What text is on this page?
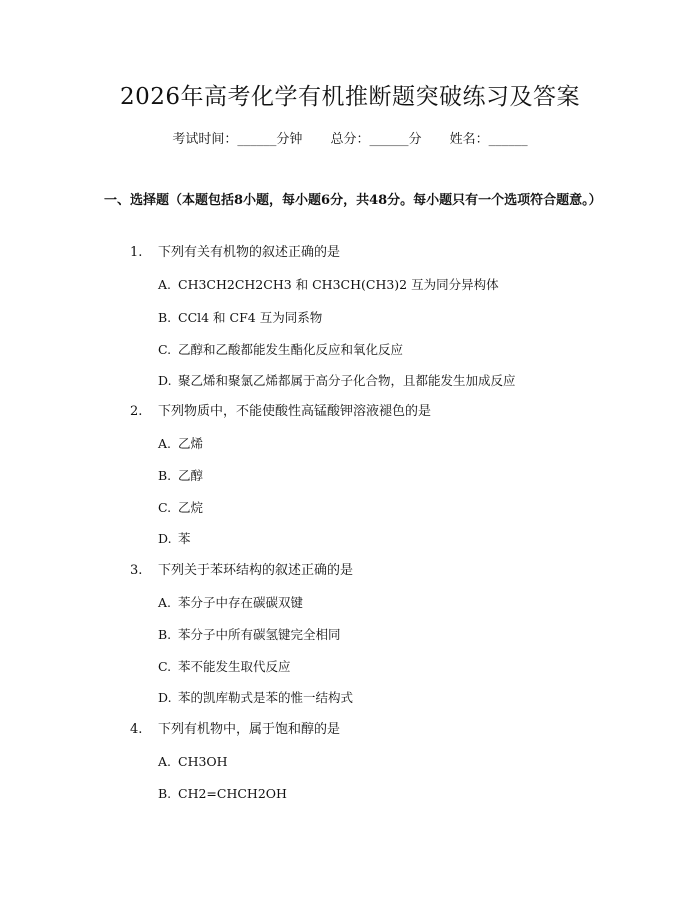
2026年高考化学有机推断题突破练习及答案
考试时间：______分钟 总分：______分 姓名：______
一、选择题（本题包括8小题，每小题6分，共48分。每小题只有一个选项符合题意。）
1. 下列有关有机物的叙述正确的是
A. CH3CH2CH2CH3 和 CH3CH(CH3)2 互为同分异构体
B. CCl4 和 CF4 互为同系物
C. 乙醇和乙酸都能发生酯化反应和氧化反应
D. 聚乙烯和聚氯乙烯都属于高分子化合物，且都能发生加成反应
2. 下列物质中，不能使酸性高锰酸钾溶液褪色的是
A. 乙烯
B. 乙醇
C. 乙烷
D. 苯
3. 下列关于苯环结构的叙述正确的是
A. 苯分子中存在碳碳双键
B. 苯分子中所有碳氢键完全相同
C. 苯不能发生取代反应
D. 苯的凯库勒式是苯的惟一结构式
4. 下列有机物中，属于饱和醇的是
A. CH3OH
B. CH2=CHCH2OH
